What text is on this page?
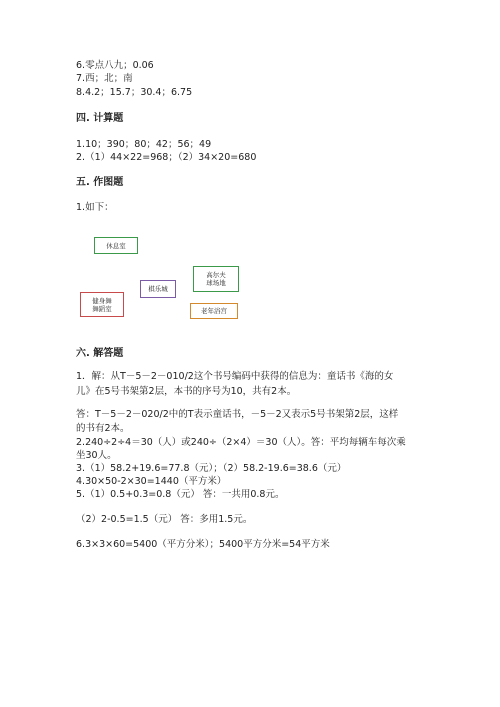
6.零点八九；0.06
7.西；北；南
8.4.2；15.7；30.4；6.75
四. 计算题
1.10；390；80；42；56；49
2.（1）44×22=968；（2）34×20=680
五. 作图题
1.如下：
休息室
健身舞
舞蹈室
棋乐城
高尔夫
球场地
老年浴宫
六. 解答题
1．解：从T－5－2－010/2这个书号编码中获得的信息为：童话书《海的女
儿》在5号书架第2层，本书的序号为10，共有2本。
答：T－5－2－020/2中的T表示童话书，－5－2又表示5号书架第2层，这样
的书有2本。
2.240÷2÷4＝30（人）或240÷（2×4）＝30（人）。答：平均每辆车每次乘
坐30人。
3.（1）58.2+19.6=77.8（元）；（2）58.2-19.6=38.6（元）
4.30×50-2×30=1440（平方米）
5.（1）0.5+0.3=0.8（元） 答：一共用0.8元。
（2）2-0.5=1.5（元） 答：多用1.5元。
6.3×3×60=5400（平方分米）；5400平方分米=54平方米
